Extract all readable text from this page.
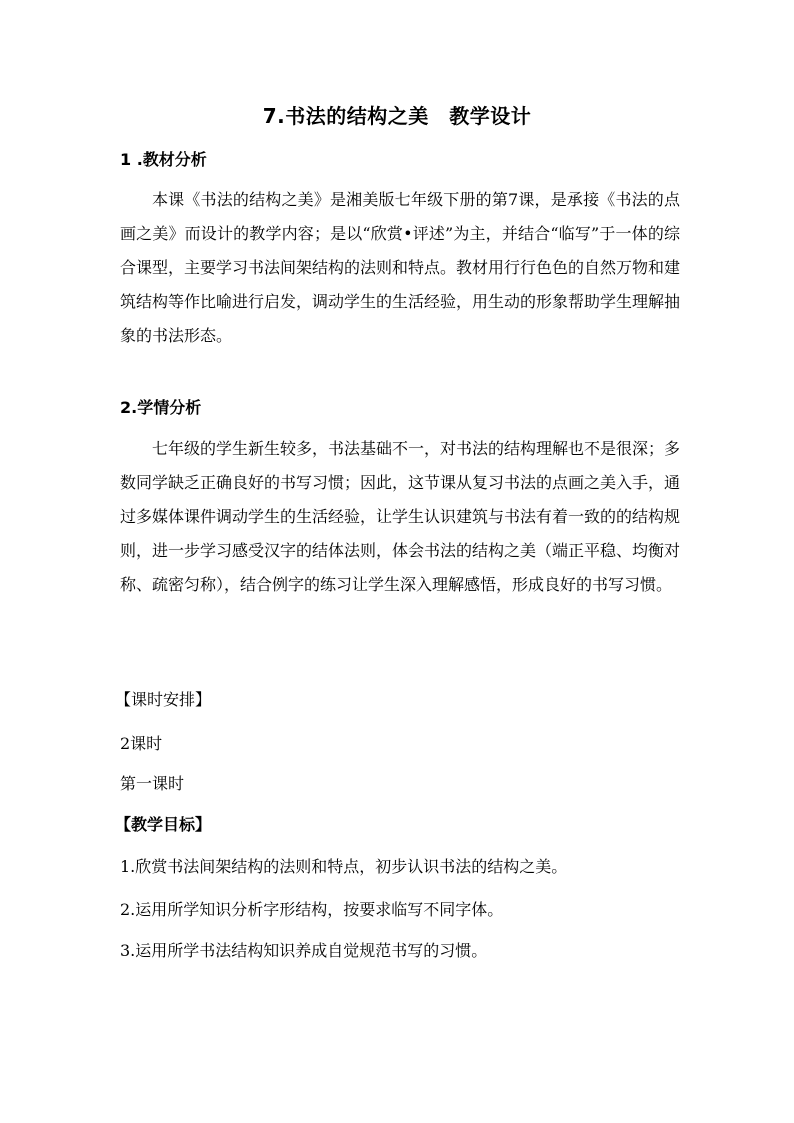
7.书法的结构之美　教学设计
1 .教材分析
本课《书法的结构之美》是湘美版七年级下册的第7课，是承接《书法的点画之美》而设计的教学内容；是以“欣赏•评述”为主，并结合“临写”于一体的综合课型，主要学习书法间架结构的法则和特点。教材用行行色色的自然万物和建筑结构等作比喻进行启发，调动学生的生活经验，用生动的形象帮助学生理解抽象的书法形态。
2.学情分析
七年级的学生新生较多，书法基础不一，对书法的结构理解也不是很深；多数同学缺乏正确良好的书写习惯；因此，这节课从复习书法的点画之美入手，通过多媒体课件调动学生的生活经验，让学生认识建筑与书法有着一致的的结构规则，进一步学习感受汉字的结体法则，体会书法的结构之美（端正平稳、均衡对称、疏密匀称），结合例字的练习让学生深入理解感悟，形成良好的书写习惯。
【课时安排】
2课时
第一课时
【教学目标】
1.欣赏书法间架结构的法则和特点，初步认识书法的结构之美。
2.运用所学知识分析字形结构，按要求临写不同字体。
3.运用所学书法结构知识养成自觉规范书写的习惯。
